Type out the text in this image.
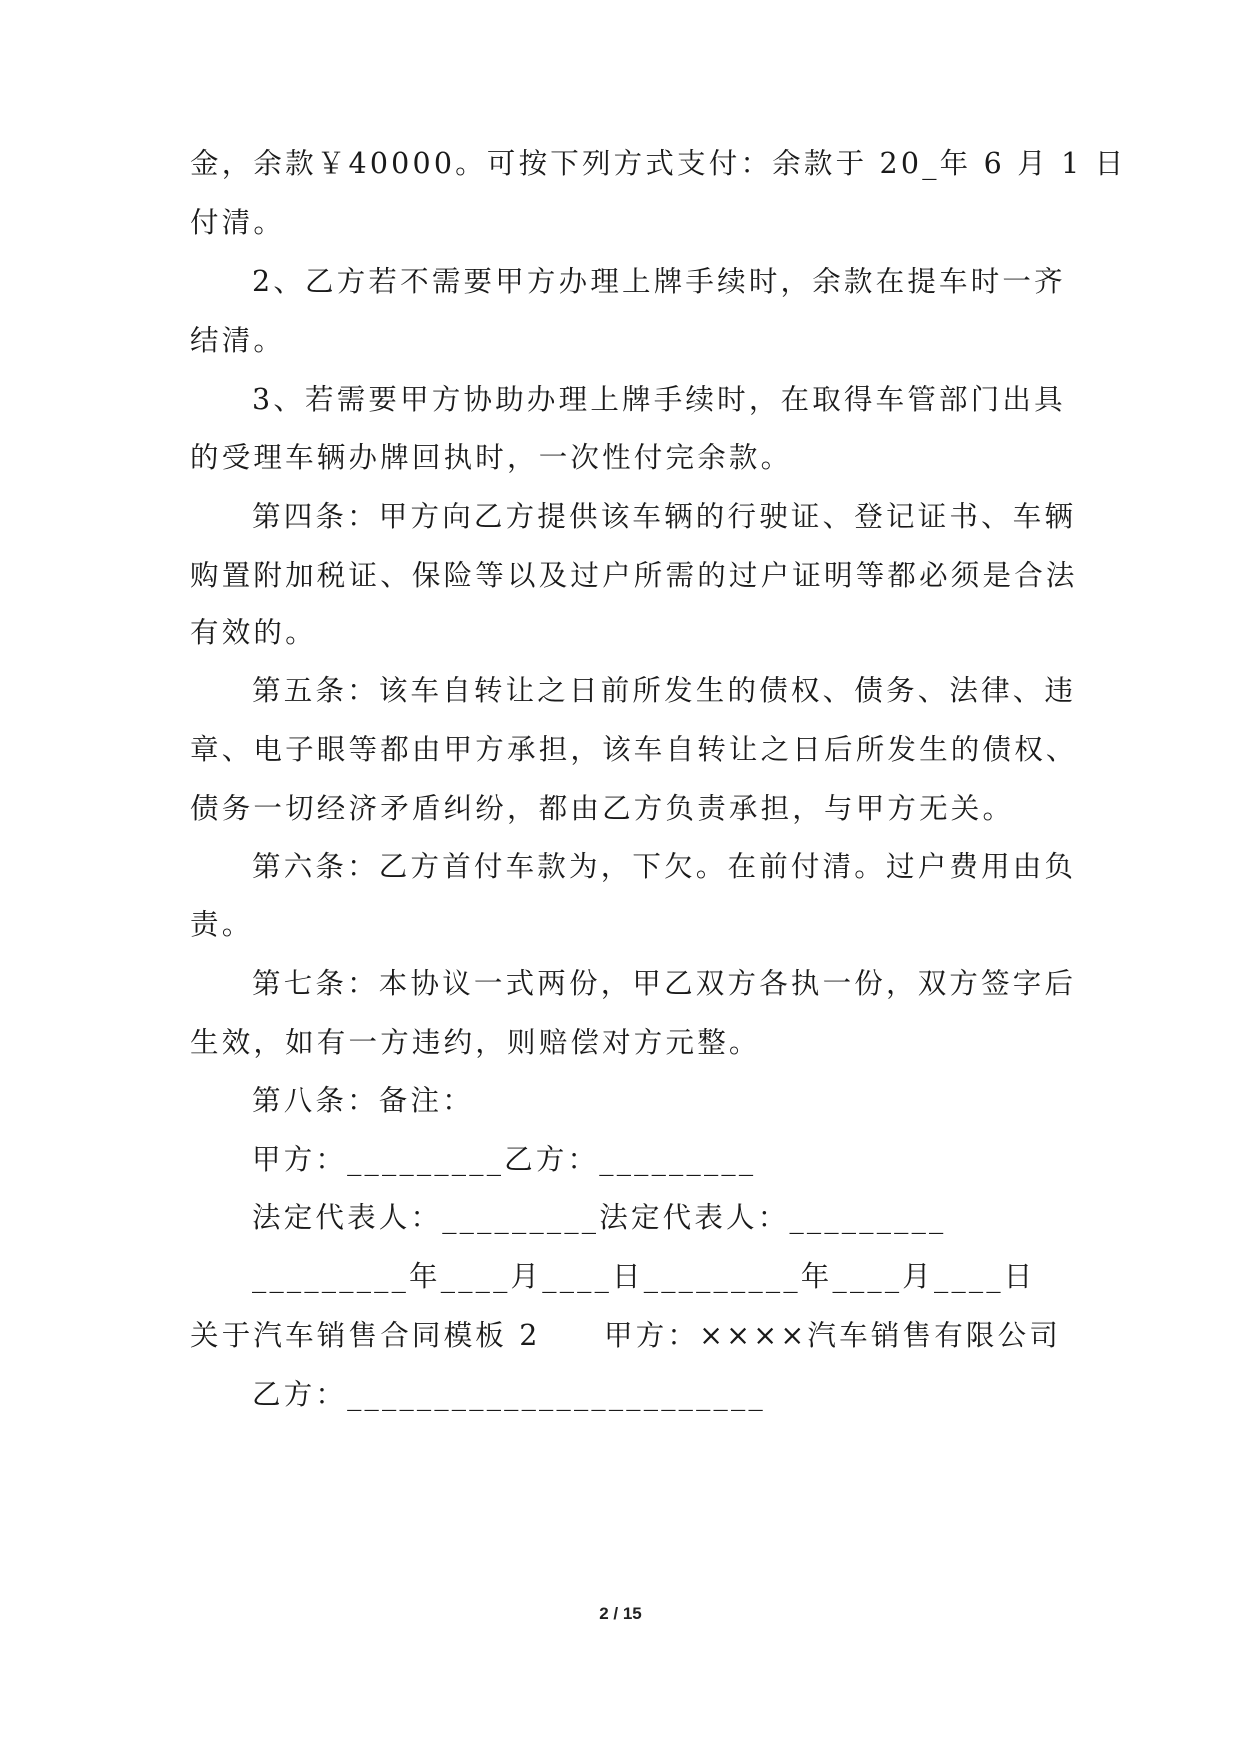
金，余款￥40000。可按下列方式支付：余款于 20_年 6 月 1 日
付清。
2、乙方若不需要甲方办理上牌手续时，余款在提车时一齐
结清。
3、若需要甲方协助办理上牌手续时，在取得车管部门出具
的受理车辆办牌回执时，一次性付完余款。
第四条：甲方向乙方提供该车辆的行驶证、登记证书、车辆
购置附加税证、保险等以及过户所需的过户证明等都必须是合法
有效的。
第五条：该车自转让之日前所发生的债权、债务、法律、违
章、电子眼等都由甲方承担，该车自转让之日后所发生的债权、
债务一切经济矛盾纠纷，都由乙方负责承担，与甲方无关。
第六条：乙方首付车款为，下欠。在前付清。过户费用由负
责。
第七条：本协议一式两份，甲乙双方各执一份，双方签字后
生效，如有一方违约，则赔偿对方元整。
第八条：备注：
甲方：_________乙方：_________
法定代表人：_________法定代表人：_________
_________年____月____日_________年____月____日
关于汽车销售合同模板 2　　甲方：××××汽车销售有限公司
乙方：________________________
2 / 15
